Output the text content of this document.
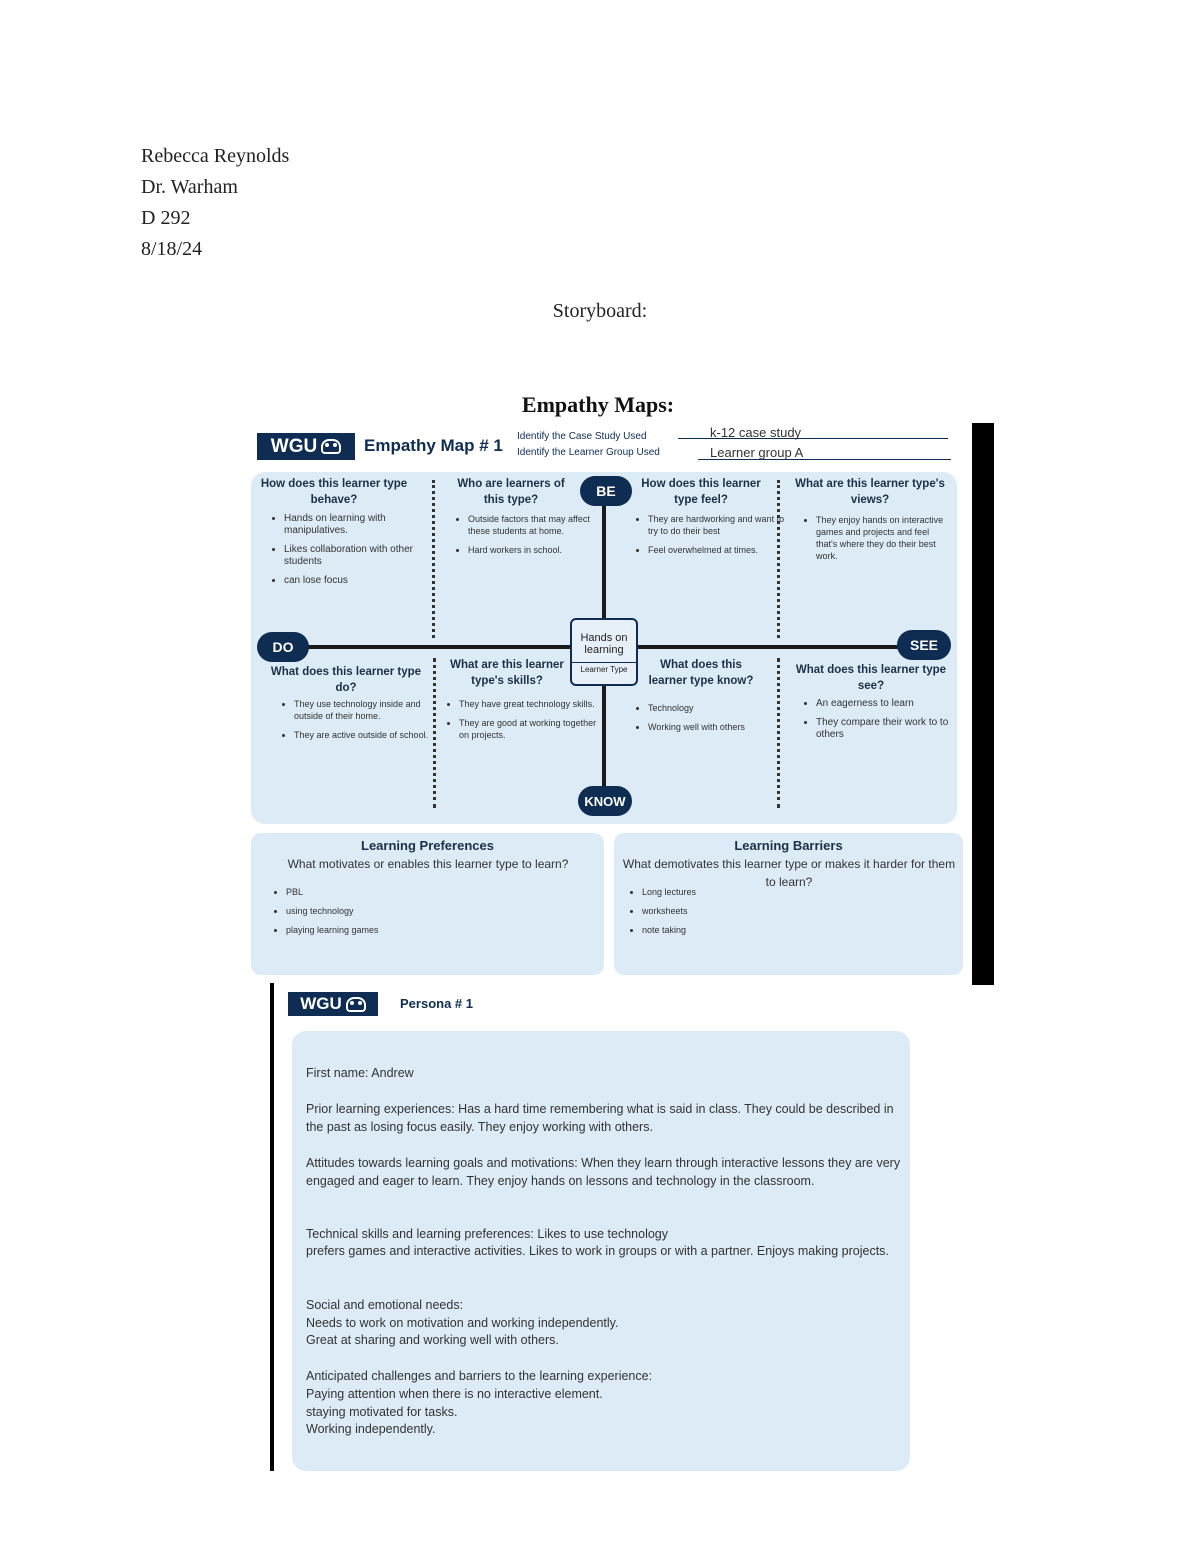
Rebecca Reynolds
Dr. Warham
D 292
8/18/24
Storyboard:
Empathy Maps:
WGU	Empathy Map # 1 Identify the Case Study Used
Identify the Learner Group Used
k-12 case study
Learner group A
BE
DO	SEE
KNOW
Hands on
learning
Learner Type
How does this learner type behave?
Who are learners of this type?
How does this learner type feel?
What are this learner type's views?
What does this learner type do?
What are this learner type's skills?
What does this learner type know?
What does this learner type see?
• Hands on learning with manipulatives.
• Likes collaboration with other students
• can lose focus
• Outside factors that may affect these students at home.
• Hard workers in school.
• They are hardworking and want to try to do their best
• Feel overwhelmed at times.
• They enjoy hands on interactive games and projects and feel that's where they do their best work.
• They use technology inside and outside of their home.
• They are active outside of school.
• They have great technology skills.
• They are good at working together on projects.
• Technology
• Working well with others
• An eagerness to learn
• They compare their work to to others
Learning Preferences
What motivates or enables this learner type to learn?
• PBL
• using technology
• playing learning games
Learning Barriers
What demotivates this learner type or makes it harder for them to learn?
• Long lectures
• worksheets
• note taking
WGU	Persona # 1
First name: Andrew
Prior learning experiences: Has a hard time remembering what is said in class. They could be described in the past as losing focus easily. They enjoy working with others.
Attitudes towards learning goals and motivations: When they learn through interactive lessons they are very engaged and eager to learn. They enjoy hands on lessons and technology in the classroom.
Technical skills and learning preferences: Likes to use technology
prefers games and interactive activities. Likes to work in groups or with a partner. Enjoys making projects.
Social and emotional needs:
Needs to work on motivation and working independently.
Great at sharing and working well with others.
Anticipated challenges and barriers to the learning experience:
Paying attention when there is no interactive element.
staying motivated for tasks.
Working independently.
